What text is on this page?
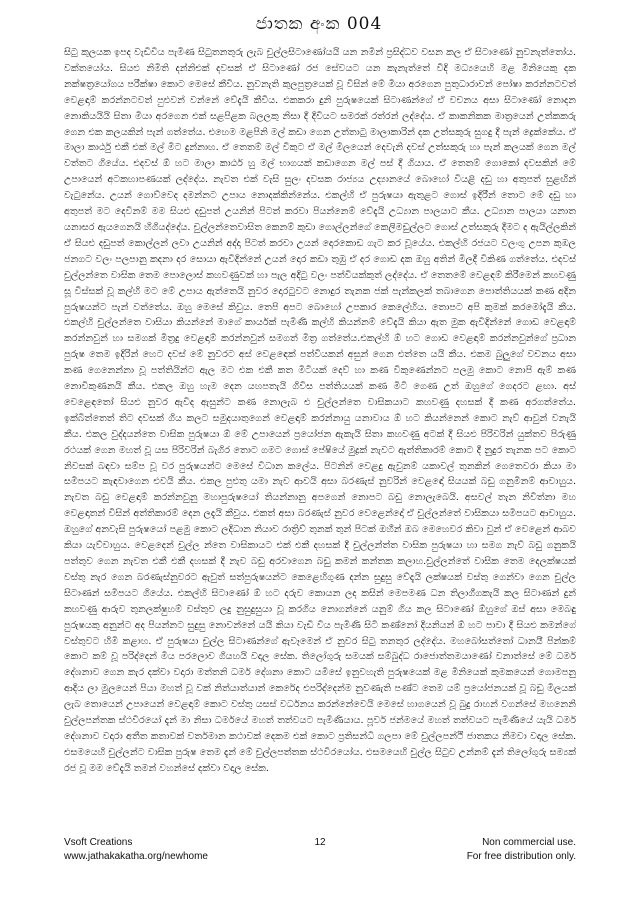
ජාතක අංක 004

සිටු කුලයක ඉපද වැඩිවිය පැමිණ සිටුතනතුරු ලැබ චුල්ලසිටාණෝයයි යන නමින් ප්‍රසිද්ධව වසන කල ඒ සිටාණෝ නුවනැත්තෝය. වක්තයෝය. සියළු නිමිති දන්නිඑක් දවසක් ඒ සිටාණෝ රජ සේවයට යන කැනැත්තේ වීදි මධ්‍යයෙහි මළ මීනියෙකු දක නක්ෂත්‍රයෝගය පරීක්ෂා කොට මෙසේ කීවීය. නුවනැති කුලපුත්‍රයෙක් වූ විසින් මේ මීයා අරගෙන පුතුධාරාවන් පෝෂා කරන්නටවත් වෙළඳාම් කරන්නටවත් පුළුවන් වන්නේ වේදැයි කීවීය. එකකරා දුනි පුරුෂයෙක් සිටාණන්ගේ ඒ වචනය අසා සිටාණෝ නොදන නොකියයියි සිතා මීයා අරගෙන එක් සළපිළක බලලකු නිසා දී දිවියට සමරක් රත්රන් ලද්දේය. ඒ කාකනිකක මාත්‍රයෙන් උත්කකරු ගෙන එක කලයකින් පැන් ගත්තේය. එහෙම මළපිනි මල් කඩා ගෙන උත්තාටු මාලාකාරින් දක උත්සකුරු සුගදු දී පැන් ද්‍රෙක්කේය. ඒ මාලා කාර්ඨු එකී එක් මල් මිට දුන්නාහ. ඒ තෙතම් මල් විකුට ඒ මල් මිලයෙන් දෙවැනි දවස් උත්සකුරු හා පැන් කලයක් ගෙන මල් වත්තට ගියේය. එදවස් ඕ හට මාලා කාර්ඨ හු මල් භාගයක් කඩාගෙන මල් පස් දී ගියාය. ඒ තෙතම් ගොකෝ දවසකින් මේ උපායෙන් අටකහාපණයක් ලද්දේය. නැවත එක් වැසි සුලං දවසක රාජ්‍යය උද්‍යානයේ බොහෝ වියළි දඩු හා අතුපත් සුළඟින් වැටුනේය. උයන් ගොව්වෙද දමන්නට උපාය නොදක්කින්නේය. එකල්හි ඒ පුරුෂයා ඇතුළට ගොස් ඉදිරීන් තොට මේ දඩු හා අතුපත් මට දෙවිනම් මම සියළු දඩුපත් උයනින් පිටත් කරවා පියන්නෙම් වේදැයි උධ්‍යාන පාලයාට කීය. උධ්‍යාන පාලයා යනාත යනාසර ඇයගෙනයි හිගියද්දේය. චුල්ලන්තෙවාසිත කෙනම් කුඩා ගොල්ලන්ගේ කෙලිමඩුල්ලට ගොස් උත්සකුරු දීමට ද ඇයිල්ලකින් ඒ සියළු දඩුපත් කොල්ලන් ලවා උයනින් අද්දා පිටත් කරවා උයන් දොරකොඩ ගැට කර වූයේය. එකල්හි රජයට වලංගු උපන කුඹල ජනගට වලං පලපානු කදනා දර සොයා ඇවිදින්නේ උයන් දොර කඩා තුඹු ඒ දර ගොඩ දක ඔහු අතින් මිලදී විකිණ ගත්තේය. එදවස් චුල්ලන්තෙ වාසික තෙම පොලොස් කහවණුවක් හා පැල අදිටු වලං පත්වියක්කුත් ලද්දේය. ඒ තෙතමේ වෙළඳම් කිරීමෙන් කහවණු සූ විස්සක් වූ කල්හි මට මේ උපාය ඇත්තෙයි නුවර දොරටුවට නොදුර තැනක ජක් පැන්කලක් තබාගෙන පොත්තියයක් කණ අදින පුරුෂයන්ට පැන් වත්තේය. ඔහු මෙසේ කිවුය. තෙපි අපට බොහෝ උපකාර කෙලේහිය. තොපට අපි කුමක් කරමෝදැයි කීය. එකල්හි චුල්ලන්තෙ වාසියා කියන්නේ මාගේ කාර්යක් පැමිණි කල්හි කියන්නම් වේදැයි කියා ඇත මුක ඇවිදින්නේ ගොඩ වෙළඳාම් කරන්නවුන් හා සමගක් මිත්‍රදු වෙළඳාම් කරන්නවුන් සමගත් මිත්‍ර ගත්තේය.එකල්හි ඕ හට ගොඩ වෙළඳාම් කරන්නවුන්ගේ ප්‍රධාන පුරුෂ තෙම ඉදිරින් හෙට දවස් මේ නුවරට අස් වෙළඳෙක් පත්වියකන් අසුන් ගෙන එත්තෙ යයි කීය. එකම බුලුගේ වචනය අසා කණ ගෙනෙන්නා වූ පත්තියින්ට ඇල මට එක එකී කත මිටියක් දෙව් හා කණ විකුණෙන්නට පලමු කොට නොපි ඇම් කණ නොවිකුණනයි කීය. එකල ඔහු හැම දෙන යහපතැයි ගිවිස පත්තියයක් කණ මිටි ගෙණ උත් ඔහුගේ ගෙදරට ළඟා. අස් වෙළෙඳතෝ සියළු නුවර ඇවිද ඇසුන්ට කණ නොලැබ එ චුල්ලන්තෙ වාසිකයාට කහවණු දහසක් දී කණ අරගත්තේය. ඉක්බිත්තෙත් තිට දවසක් ගිය කලට සමුදයාතුගෙන් වෙළඳාම් කරන්නායු යනාවාය ඕ හට කියන්නෙන් කොට නැව් ආවුන් වනැයි කීය. එකල වුද්දයන්තෙ වාසික පුරුෂයා ඕ මේ උපායෙන් ප්‍රයෝජන ඇකැයි සිතා කහවණු අටක් දී සියළු පිරිවරින් යුක්තව පිරුණු රථයක් ගෙන මහත් වූ යස පිරිවරින් බැගිර තොට ගමට ගොස් පේෂියේ මුද්‍රක් නැවට ඇත්තිකාරම් කොට දී නුදුර තැනක පට කොට නිවසක් බඳවා සම්ප වූ වර පුරුෂයන්ට මෙසේ විධාන කලේය. පිටනින් වෙළදු ඇවුනම් යකාවල් තුනකින් ගෙතෙවරා කියා මා සමීපයට කැඳවාගෙන එවයි කීය. එකල පුළුතු යමා නැව ආවයි අසා බරණැස් නුවරින් වෙළඳෝ සියයක් බඩු ගනුමිනම් ආවාහුය. නැවත බඩු වෙළඳාම් කරන්නවුනු මහාපුරුෂයෝ තියන්නානු අපගෙන් නොපට බඩු නොලැබෙයි. අසවල් තැන නිවිත්නා මහ වෙළඳාතන් විසින් අත්තිකාරම් දෙන ලදැයි කීවුය. එකත් අසා බරණැස් නුවර වෙළෙන්දෝ ඒ චුල්ලන්තේ වාසිකයා සමීපයට ආවාහුය. ඔහුගේ අනවැසි පුරුෂයෝ පළමු කොට ලදිධාන නියාව රාත්‍රිව් තුනක් තුන් පිටක් ඔහීන් ඔබ මෙහෙවර කිවා වුන් ඒ වෙළෙන් ආබව කියා යැව්වාහුය. වෙළදෙන් චුල්ල න්තෙ වාසිකායට එක් එකී දහසක් දී චුල්ලන්ත්ත වාසික පුරුෂයා හා සමග නැව් බඩු ගනුකයි පත්තුව ගෙන නැවත එකී එකී දහසක් දී නැව බඩු අරවාගෙන බඩු කමන් කන්තක කලාහ.චුල්ලන්තේ වාසික තෙම දෙලක්ෂයක් වස්තු නැර ගෙන බරණැස්නුවරට ඇවුත් සත්පුරුෂයන්ට කෙළෙහිගුණ දන්න සුදුසු වේදැයි ලක්ෂයක් වස්තු ගෙන්වා ගෙන චුල්ල සිටාණන් සමීපයට ගියේය. එකල්හි සිටාණෝ ඕ හට දරුව කොයන ලද කසින් මෙපමණ ධන තිලාගීගකැයි කල සිටාණන් දුන් කහවණු ආරුව තුනලක්ෂුහම් වස්තුව ලදු නුසුදුසුයා වූ කරගිය නොගන්නේ යනුම් ගිය කල සිටාණෝ ඕහුගේ ඔස් අසා මෙබඳු පුරුෂයකු අනුන්ට අද පියන්නට සුදුසු නොවන්නේ යයි කියා වැඩි විය පැමිණි සිටී කණ්නෝ දියනියන් ඕ හට පාවා දී සියළු කමන්ගේ වස්තුවට හිමි කළාහ. ඒ පුරුෂයා චුල්ල සිටාණන්ගේ ඇවෑමෙන් ඒ නුවර සිටු තනතුර ලද්දේය. මහබෝසත්තෝ ධානයී පින්කම් කොට කම් වූ පරිද්දෙන් මිය පරලොව ගියහයි වදාල සේක. තිලෝගුරු සමයක් සම්බුද්ධ රාජොත්තමයාණෝ වනාත්සේ මේ ධර්ම දේශනාව ගෙන කැර දක්වා වදාරා මත්තනි ධර්ම දේශනා කොට යමිසේ ඉනුවහැති පුරුෂයෙක් මළ මීනියෙක් කුමකයෙන් ගොමපනු ආදිය ලා මුලයෙන් පියා මහත් වූ වක් නිත්යාත්යාන් කෙරේද එපරිද්දෙන්ම නුවණැති පණ්ට තෙම යම් ප්‍රයෝජනයක් වූ බඩු මිලයක් ලැබ තොයෙන් උපායෙන් වෙළඳාම් කොට වස්තු යසස් වර්ධනය කරන්නේවෙයි මෙසේ හාගයෙන් වූ බුදු රාහන් වගන්සේ මහනෙනි චුල්ලපන්තක ස්ථවිරයෝ දැන් මා නිසා ධර්මයේ මහත් තත්වයට පැමිණියාය. පූර්ව ජන්මයේ මහත් තත්වයට පැමිණියේ යැයි ධර්ම දේශනාව වදාරා අතීත කතාවක් වර්තමාන කථාවක් දෙකම එක් කොට ප්‍රතිසන්ධි ගලපා මේ චුල්ලපන්ථි ජාතකය නිමවා වදාල සේක. එසමයෙහි චුල්ලන්ට වාසික පුරුෂ තෙම දැන් මේ චුල්ලපත්තක ස්ථවිරයෝය. එසමයෙහි චුල්ල සිටුව උන්නම් දැන් තිලෝගුරු සම්‍යක් රජ වූ මම වේදැයි තමන් වහන්සේ දක්වා වදාල සේක.

Vsoft Creations
www.jathakakatha.org/newhome
12	Non commercial use.
For free distribution only.
